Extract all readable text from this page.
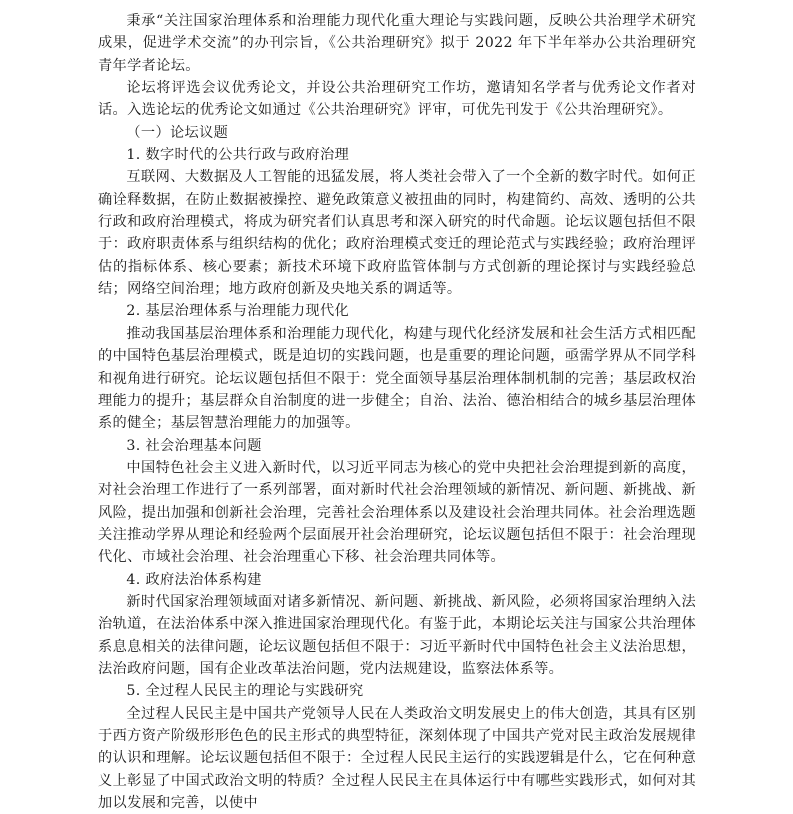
秉承“关注国家治理体系和治理能力现代化重大理论与实践问题，反映公共治理学术研究成果，促进学术交流”的办刊宗旨，《公共治理研究》拟于 2022 年下半年举办公共治理研究青年学者论坛。

论坛将评选会议优秀论文，并设公共治理研究工作坊，邀请知名学者与优秀论文作者对话。入选论坛的优秀论文如通过《公共治理研究》评审，可优先刊发于《公共治理研究》。

（一）论坛议题

1. 数字时代的公共行政与政府治理

互联网、大数据及人工智能的迅猛发展，将人类社会带入了一个全新的数字时代。如何正确诠释数据，在防止数据被操控、避免政策意义被扭曲的同时，构建简约、高效、透明的公共行政和政府治理模式，将成为研究者们认真思考和深入研究的时代命题。论坛议题包括但不限于：政府职责体系与组织结构的优化；政府治理模式变迁的理论范式与实践经验；政府治理评估的指标体系、核心要素；新技术环境下政府监管体制与方式创新的理论探讨与实践经验总结；网络空间治理；地方政府创新及央地关系的调适等。

2. 基层治理体系与治理能力现代化

推动我国基层治理体系和治理能力现代化，构建与现代化经济发展和社会生活方式相匹配的中国特色基层治理模式，既是迫切的实践问题，也是重要的理论问题，亟需学界从不同学科和视角进行研究。论坛议题包括但不限于：党全面领导基层治理体制机制的完善；基层政权治理能力的提升；基层群众自治制度的进一步健全；自治、法治、德治相结合的城乡基层治理体系的健全；基层智慧治理能力的加强等。

3. 社会治理基本问题

中国特色社会主义进入新时代，以习近平同志为核心的党中央把社会治理提到新的高度，对社会治理工作进行了一系列部署，面对新时代社会治理领域的新情况、新问题、新挑战、新风险，提出加强和创新社会治理，完善社会治理体系以及建设社会治理共同体。社会治理选题关注推动学界从理论和经验两个层面展开社会治理研究，论坛议题包括但不限于：社会治理现代化、市域社会治理、社会治理重心下移、社会治理共同体等。

4. 政府法治体系构建

新时代国家治理领域面对诸多新情况、新问题、新挑战、新风险，必须将国家治理纳入法治轨道，在法治体系中深入推进国家治理现代化。有鉴于此，本期论坛关注与国家公共治理体系息息相关的法律问题，论坛议题包括但不限于：习近平新时代中国特色社会主义法治思想，法治政府问题，国有企业改革法治问题，党内法规建设，监察法体系等。

5. 全过程人民民主的理论与实践研究

全过程人民民主是中国共产党领导人民在人类政治文明发展史上的伟大创造，其具有区别于西方资产阶级形形色色的民主形式的典型特征，深刻体现了中国共产党对民主政治发展规律的认识和理解。论坛议题包括但不限于：全过程人民民主运行的实践逻辑是什么，它在何种意义上彰显了中国式政治文明的特质？全过程人民民主在具体运行中有哪些实践形式，如何对其加以发展和完善，以使中
